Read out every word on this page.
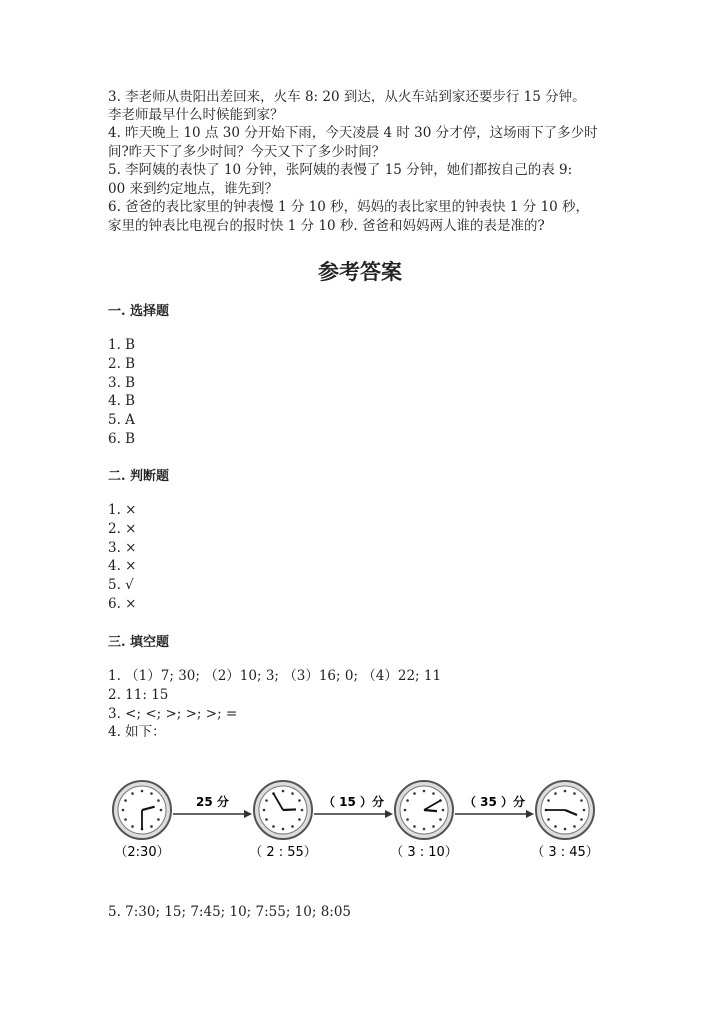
3. 李老师从贵阳出差回来，火车 8: 20 到达，从火车站到家还要步行 15 分钟。
李老师最早什么时候能到家？
4. 昨天晚上 10 点 30 分开始下雨，今天凌晨 4 时 30 分才停，这场雨下了多少时
间?昨天下了多少时间？今天又下了多少时间？
5. 李阿姨的表快了 10 分钟，张阿姨的表慢了 15 分钟，她们都按自己的表 9:
00 来到约定地点，谁先到？
6. 爸爸的表比家里的钟表慢 1 分 10 秒，妈妈的表比家里的钟表快 1 分 10 秒，
家里的钟表比电视台的报时快 1 分 10 秒. 爸爸和妈妈两人谁的表是准的?
参考答案
一. 选择题
1. B
2. B
3. B
4. B
5. A
6. B
二. 判断题
1. ×
2. ×
3. ×
4. ×
5. √
6. ×
三. 填空题
1. （1）7; 30; （2）10; 3; （3）16; 0; （4）22; 11
2. 11: 15
3. <; <; >; >; >; =
4. 如下：
（2:30）	（ 2 : 55）	（ 3 : 10）	（ 3 : 45）
25 分	（ 15 ）分	（ 35 ）分
5. 7:30; 15; 7:45; 10; 7:55; 10; 8:05
